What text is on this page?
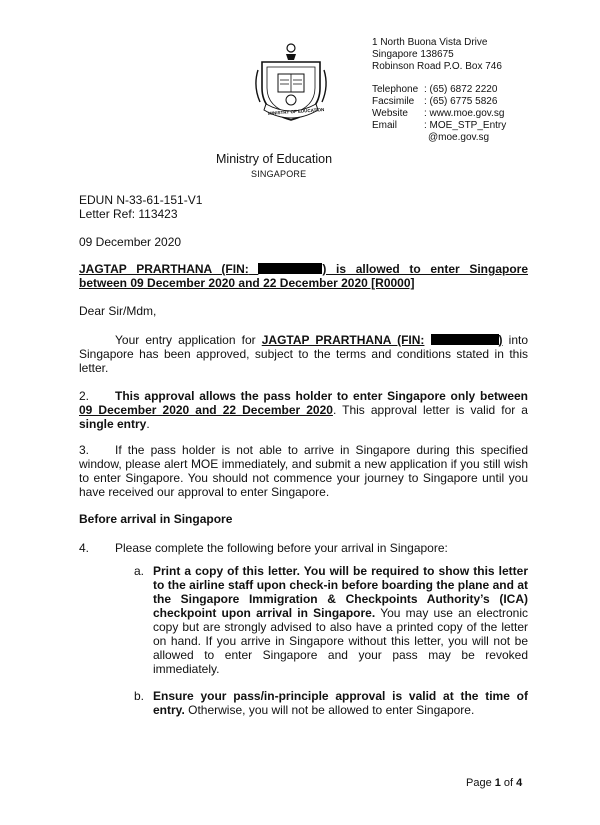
MINISTRY OF EDUCATION
1 North Buona Vista Drive
Singapore 138675
Robinson Road P.O. Box 746
Telephone : (65) 6872 2220
Facsimile : (65) 6775 5826
Website	: www.moe.gov.sg
Email	: MOE_STP_Entry
@moe.gov.sg
Ministry of Education
SINGAPORE
EDUN N-33-61-151-V1
Letter Ref: 113423
09 December 2020
JAGTAP PRARTHANA (FIN:	) is allowed to enter Singapore between 09 December 2020 and 22 December 2020 [R0000]
Dear Sir/Mdm,
Your entry application for JAGTAP PRARTHANA (FIN:	) into Singapore has been approved, subject to the terms and conditions stated in this letter.
2. This approval allows the pass holder to enter Singapore only between 09 December 2020 and 22 December 2020. This approval letter is valid for a single entry.
3. If the pass holder is not able to arrive in Singapore during this specified window, please alert MOE immediately, and submit a new application if you still wish to enter Singapore. You should not commence your journey to Singapore until you have received our approval to enter Singapore.
Before arrival in Singapore
4. Please complete the following before your arrival in Singapore:
a. Print a copy of this letter. You will be required to show this letter to the airline staff upon check-in before boarding the plane and at the Singapore Immigration & Checkpoints Authority’s (ICA) checkpoint upon arrival in Singapore. You may use an electronic copy but are strongly advised to also have a printed copy of the letter on hand. If you arrive in Singapore without this letter, you will not be allowed to enter Singapore and your pass may be revoked immediately.
b. Ensure your pass/in-principle approval is valid at the time of entry. Otherwise, you will not be allowed to enter Singapore.
Page 1 of 4
